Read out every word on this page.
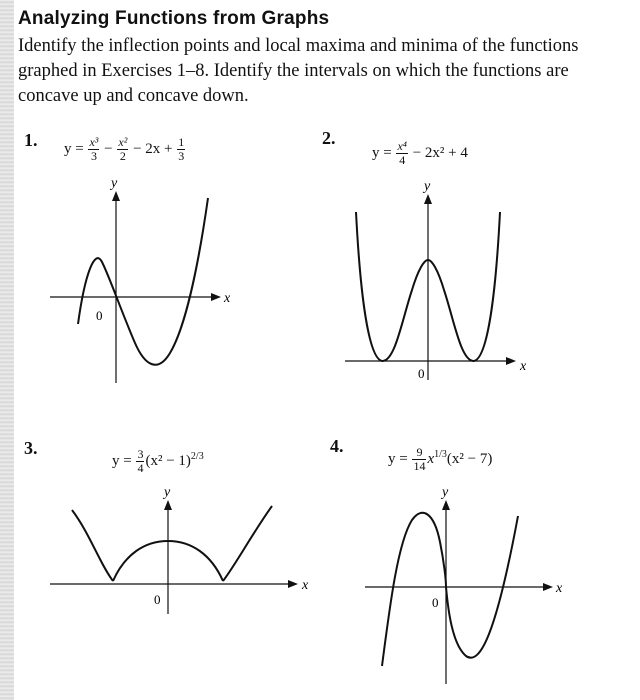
Analyzing Functions from Graphs
Identify the inflection points and local maxima and minima of the functions graphed in Exercises 1–8. Identify the intervals on which the functions are concave up and concave down.
1. $y = \frac{\text{x³}}{3} - \frac{\text{x²}}{2} - 2x + \frac{1}{3}$
y
x
0
2.
$y = \frac{\text{x⁴}}{4} - 2x^2 + 4$
y
x
0
3.
$y = \frac{3}{4} (x^2 - 1)^{2/3}$
y
x
0
4.
$y = \frac{9}{14} x^{1/3}(x^2 - 7)$
y
x
0
